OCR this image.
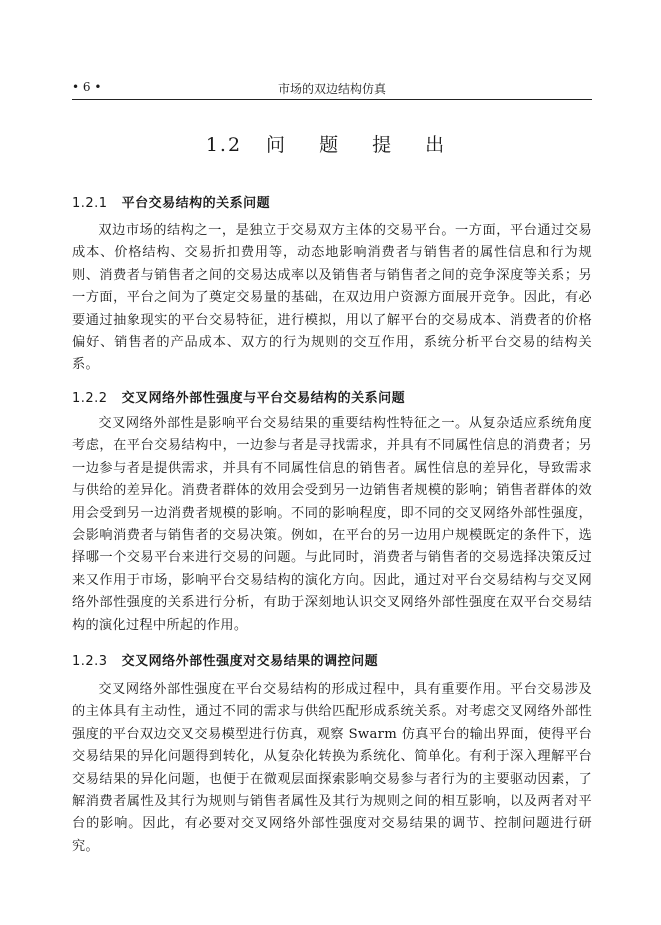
• 6 •	市场的双边结构仿真
1.2 问 题 提 出
1.2.1 平台交易结构的关系问题

双边市场的结构之一，是独立于交易双方主体的交易平台。一方面，平台通过交易成本、价格结构、交易折扣费用等，动态地影响消费者与销售者的属性信息和行为规则、消费者与销售者之间的交易达成率以及销售者与销售者之间的竞争深度等关系；另一方面，平台之间为了奠定交易量的基础，在双边用户资源方面展开竞争。因此，有必要通过抽象现实的平台交易特征，进行模拟，用以了解平台的交易成本、消费者的价格偏好、销售者的产品成本、双方的行为规则的交互作用，系统分析平台交易的结构关系。

1.2.2 交叉网络外部性强度与平台交易结构的关系问题

交叉网络外部性是影响平台交易结果的重要结构性特征之一。从复杂适应系统角度考虑，在平台交易结构中，一边参与者是寻找需求，并具有不同属性信息的消费者；另一边参与者是提供需求，并具有不同属性信息的销售者。属性信息的差异化，导致需求与供给的差异化。消费者群体的效用会受到另一边销售者规模的影响；销售者群体的效用会受到另一边消费者规模的影响。不同的影响程度，即不同的交叉网络外部性强度，会影响消费者与销售者的交易决策。例如，在平台的另一边用户规模既定的条件下，选择哪一个交易平台来进行交易的问题。与此同时，消费者与销售者的交易选择决策反过来又作用于市场，影响平台交易结构的演化方向。因此，通过对平台交易结构与交叉网络外部性强度的关系进行分析，有助于深刻地认识交叉网络外部性强度在双平台交易结构的演化过程中所起的作用。

1.2.3 交叉网络外部性强度对交易结果的调控问题

交叉网络外部性强度在平台交易结构的形成过程中，具有重要作用。平台交易涉及的主体具有主动性，通过不同的需求与供给匹配形成系统关系。对考虑交叉网络外部性强度的平台双边交叉交易模型进行仿真，观察 Swarm 仿真平台的输出界面，使得平台交易结果的异化问题得到转化，从复杂化转换为系统化、简单化。有利于深入理解平台交易结果的异化问题，也便于在微观层面探索影响交易参与者行为的主要驱动因素，了解消费者属性及其行为规则与销售者属性及其行为规则之间的相互影响，以及两者对平台的影响。因此，有必要对交叉网络外部性强度对交易结果的调节、控制问题进行研究。
